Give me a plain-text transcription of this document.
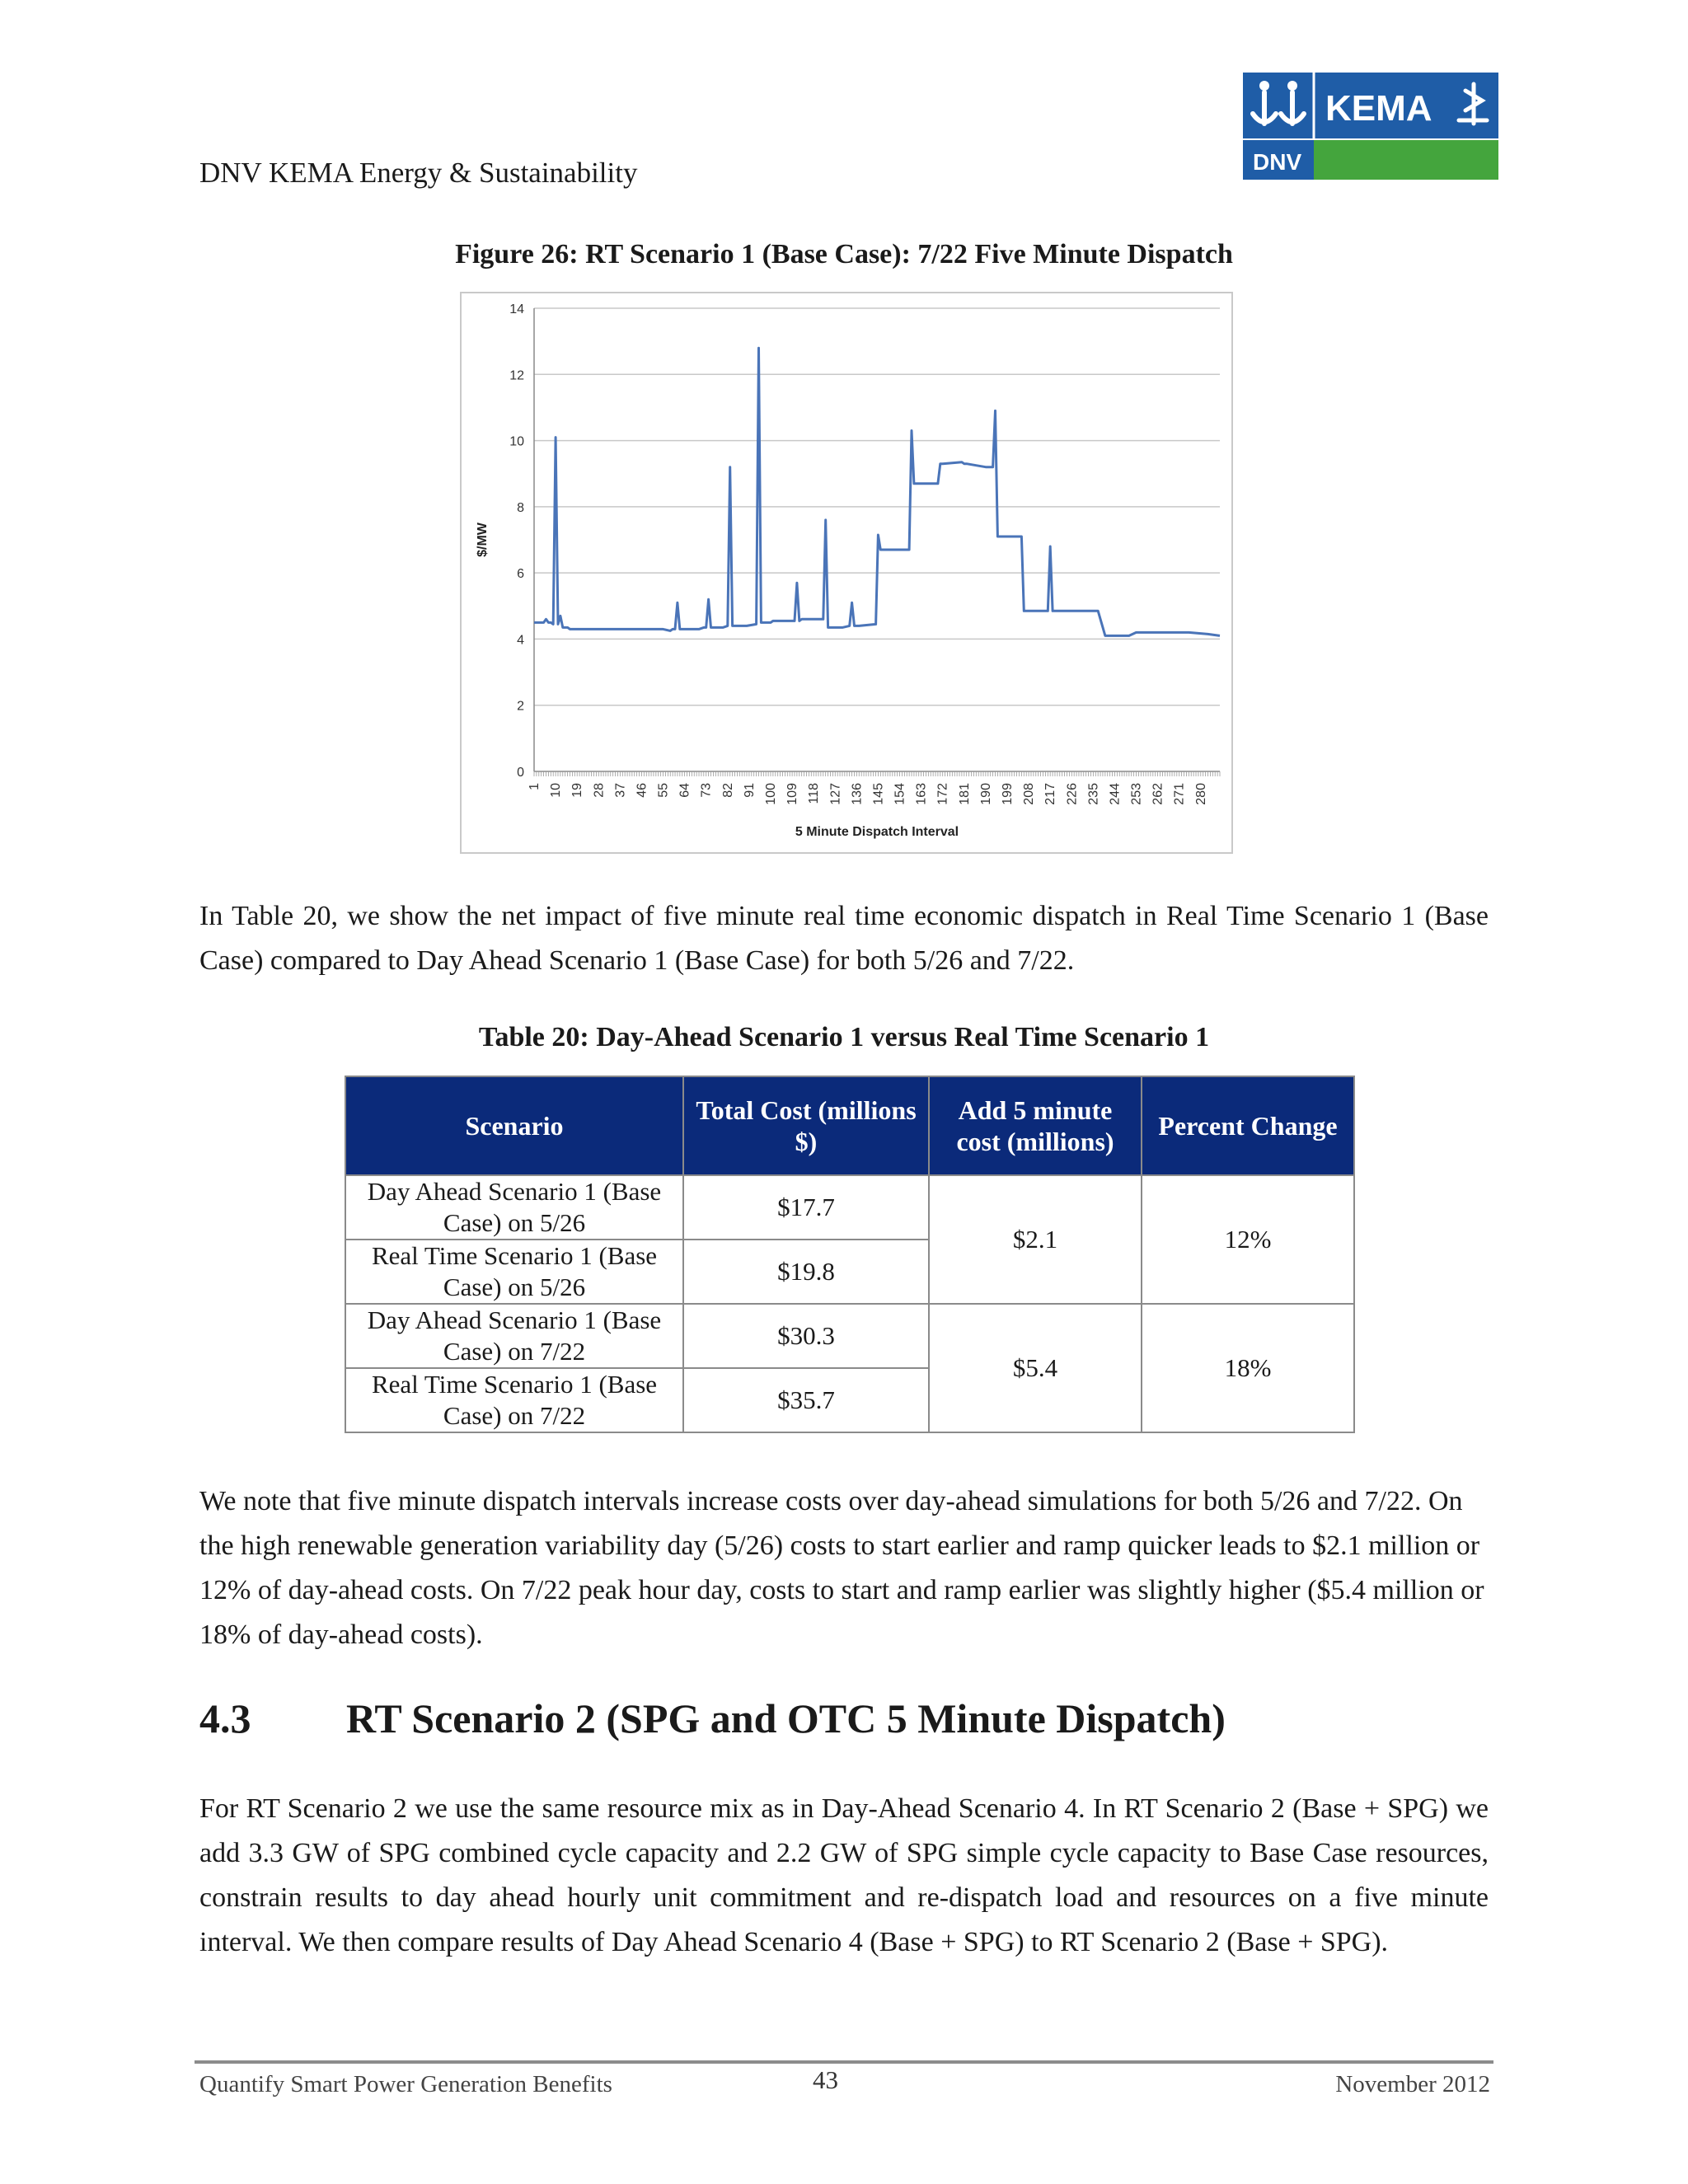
KEMA
DNV
DNV KEMA Energy & Sustainability
Figure 26: RT Scenario 1 (Base Case): 7/22 Five Minute Dispatch
0
2
4
6
8
10
12
14
1 10 19 28 37 46 55 64 73 82 91 100 109 118 127 136 145 154 163 172 181 190 199 208 217 226 235 244 253 262 271 280
5 Minute Dispatch Interval
$/MW
In Table 20, we show the net impact of five minute real time economic dispatch in Real Time Scenario 1 (Base Case) compared to Day Ahead Scenario 1 (Base Case) for both 5/26 and 7/22.
Table 20: Day-Ahead Scenario 1 versus Real Time Scenario 1
Scenario	Total Cost (millions $)	Add 5 minute cost (millions)	Percent Change
Day Ahead Scenario 1 (Base Case) on 5/26	$17.7	$2.1	12%
Real Time Scenario 1 (Base Case) on 5/26	$19.8		
Day Ahead Scenario 1 (Base Case) on 7/22	$30.3	$5.4	18%
Real Time Scenario 1 (Base Case) on 7/22	$35.7		
We note that five minute dispatch intervals increase costs over day-ahead simulations for both 5/26 and 7/22. On the high renewable generation variability day (5/26) costs to start earlier and ramp quicker leads to $2.1 million or 12% of day-ahead costs. On 7/22 peak hour day, costs to start and ramp earlier was slightly higher ($5.4 million or 18% of day-ahead costs).
4.3 RT Scenario 2 (SPG and OTC 5 Minute Dispatch)
For RT Scenario 2 we use the same resource mix as in Day-Ahead Scenario 4. In RT Scenario 2 (Base + SPG) we add 3.3 GW of SPG combined cycle capacity and 2.2 GW of SPG simple cycle capacity to Base Case resources, constrain results to day ahead hourly unit commitment and re-dispatch load and resources on a five minute interval. We then compare results of Day Ahead Scenario 4 (Base + SPG) to RT Scenario 2 (Base + SPG).
Quantify Smart Power Generation Benefits	43	November 2012
